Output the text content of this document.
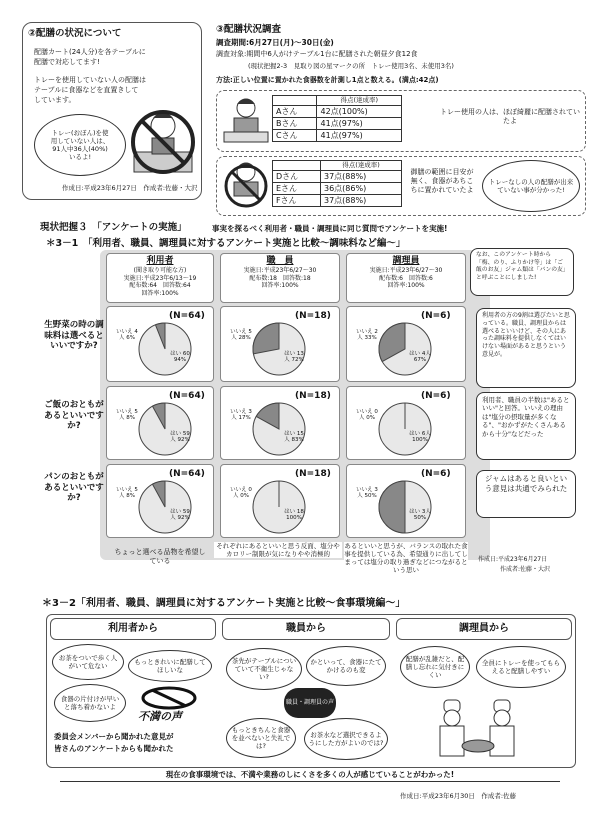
②配膳の状況について
配膳カート(24人分)を各テーブルに
配膳で対応してます!
トレーを使用していない人の配膳は
テーブルに食器などを直置きして
しています。
トレー(おぼん)を使
用していない人は、
91人中36人(40%)
いるよ!
作成日:平成23年6月27日　作成者:佐藤・大沢
③配膳状況調査
調査期間:6月27日(月)～30日(金)
調査対象:期間中6人がけテーブル1台に配膳された朝昼夕食12食
(現状把握2-3　見取り図の星マークの所　トレー使用3名、未使用3名)
方法:正しい位置に置かれた食器数を計測し1点と数える。(満点:42点)
	得点(達成率)
Aさん	42点(100%)
Bさん	41点(97%)
Cさん	41点(97%)
トレー使用の人は、ほぼ綺麗に配膳されていたよ
	得点(達成率)
Dさん	37点(88%)
Eさん	36点(86%)
Fさん	37点(88%)
御膳の範囲に目安が無く、食器があちこちに置かれていたよ
トレーなしの人の配膳が出来ていない事が分かった!
現状把握３　「アンケートの実施」	事実を探るべく利用者・職員・調理員に同じ質問でアンケートを実施!
＊3－1　「利用者、職員、調理員に対するアンケート実施と比較～調味料など編～」
利用者
(聞き取り可能な方)
実施日:平成23年6/13～19
配布数:64　回答数:64
回答率:100%
職　員
実施日:平成23年6/27～30
配布数:18　回答数:18
回答率:100%
調理員
実施日:平成23年6/27～30
配布数:6　回答数:6
回答率:100%
なお、このアンケート時から「梅、のり、ふりかけ等」は「ご飯のお友」ジャム類は「パンの友」と呼ぶことにしました!
生野菜の時の調味料は選べるといいですか?
ご飯のおともがあるといいですか?
パンのおともがあるといいですか?
(N=64)
いいえ 4人 6%
はい 60 94%
(N=18)
いいえ 5人 28%
はい 13人 72%
(N=6)
いいえ 2人 33%
はい 4人 67%
(N=64)
いいえ 5人 8%
はい 59人 92%
(N=18)
いいえ 3人 17%
はい 15人 83%
(N=6)
いいえ 0人 0%
はい 6人 100%
(N=64)
いいえ 5人 8%
はい 59人 92%
(N=18)
いいえ 0人 0%
はい 18 100%
(N=6)
いいえ 3人 50%
はい 3人 50%
利用者の方の9割は選びたいと思っている。職員、調理員からは選べるといいけど、その人にあった調味料を提供しなくてはいけない場面があると思うという意見が。
利用者、職員の半数は"あるといい"と回答。いいえの理由は"塩分の摂取量が多くなる"、"おかずがたくさんあるから十分"などだった
ジャムはあると良いという意見は共通でみられた
ちょっと選べる品物を希望している
それぞれにあるといいと思う反面、塩分やカロリー制限が気になりやや消極的
あるといいと思うが、バランスの取れた食事を提供している為、希望通りに出してしまっては塩分の取り過ぎなどにつながるという思い
作成日:平成23年6月27日
作成者:佐藤・大沢
＊3－2「利用者、職員、調理員に対するアンケート実施と比較～食事環境編～」
利用者から	職員から	調理員から
お茶をついで歩く人がいて危ない
もっときれいに配膳してほしいな
食器の片付けが早いと落ち着かないよ
不満の声
委員会メンバーから聞かれた意見が
皆さんのアンケートからも聞かれた
茶先がテーブルについていて不衛生じゃない?
かといって、食器にたてかけるのも変
職員・調理員の声
もっときちんと食器を並べないと失礼では?
お茶水など選択できるようにした方がよいのでは?
配膳が乱雑だと、配膳し忘れに気付きにくい
全員にトレーを使ってもらえると配膳しやすい
現在の食事環境では、不満や業務のしにくさを多くの人が感じていることがわかった!
作成日:平成23年6月30日　作成者:佐藤
